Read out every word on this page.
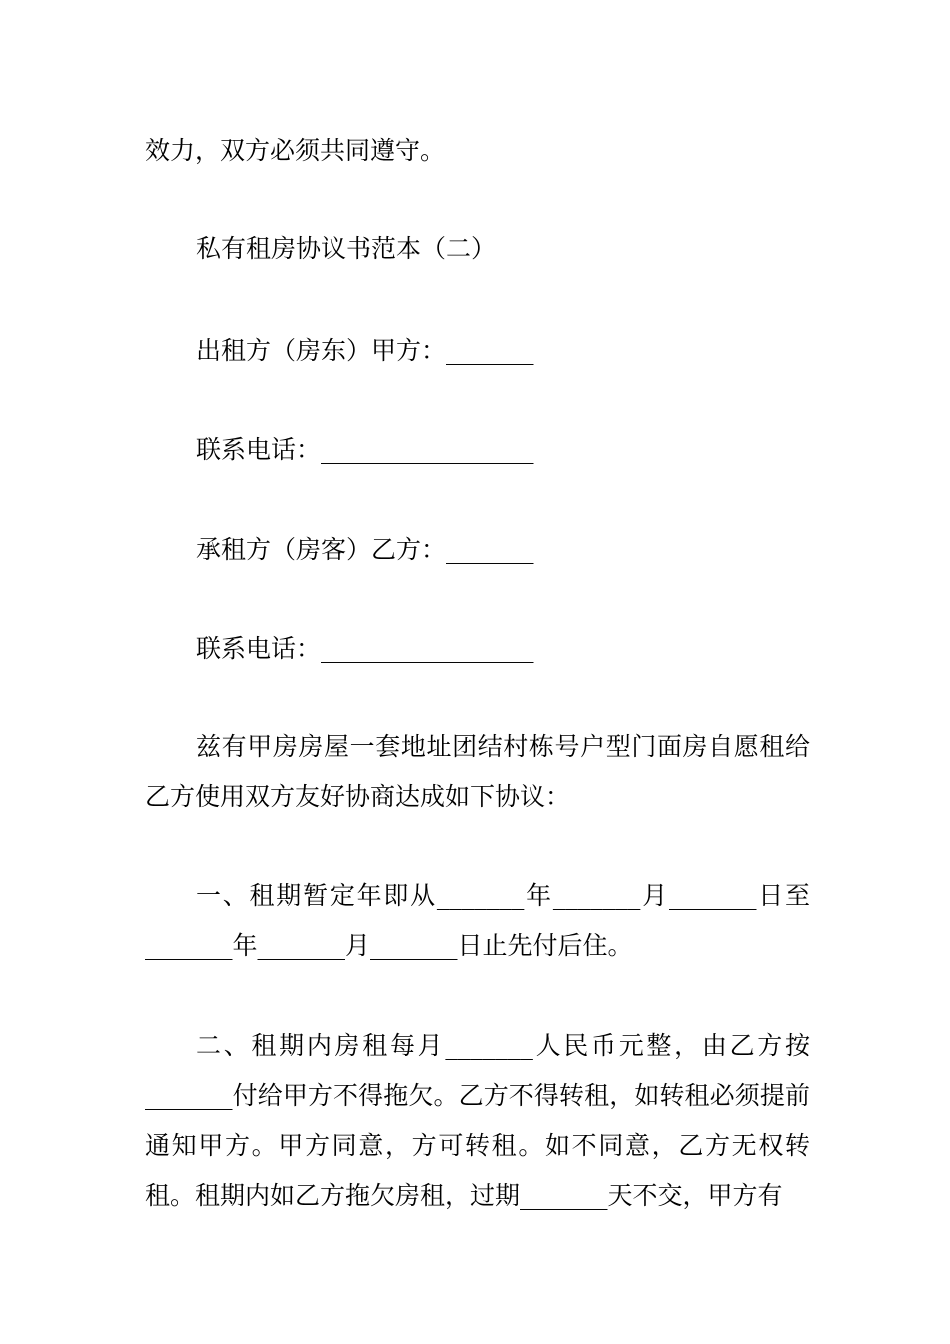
效力，双方必须共同遵守。
私有租房协议书范本（二）
出租方（房东）甲方：_______
联系电话：_________________
承租方（房客）乙方：_______
联系电话：_________________
兹有甲房房屋一套地址团结村栋号户型门面房自愿租给乙方使用双方友好协商达成如下协议：
一、租期暂定年即从_______年_______月_______日至_______年_______月_______日止先付后住。
二、租期内房租每月_______人民币元整，由乙方按_______付给甲方不得拖欠。乙方不得转租，如转租必须提前通知甲方。甲方同意，方可转租。如不同意，乙方无权转租。租期内如乙方拖欠房租，过期_______天不交，甲方有
